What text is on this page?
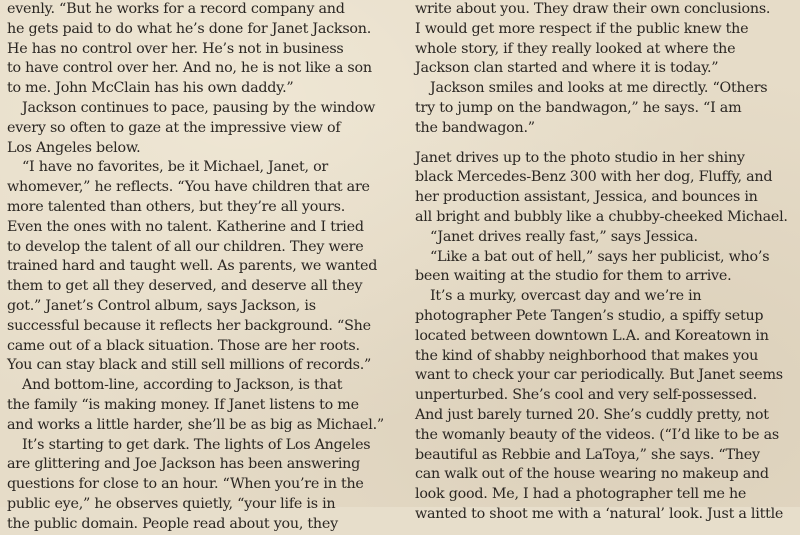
evenly. “But he works for a record company and
he gets paid to do what he’s done for Janet Jackson.
He has no control over her. He’s not in business
to have control over her. And no, he is not like a son
to me. John McClain has his own daddy.”
Jackson continues to pace, pausing by the window
every so often to gaze at the impressive view of
Los Angeles below.
“I have no favorites, be it Michael, Janet, or
whomever,” he reflects. “You have children that are
more talented than others, but they’re all yours.
Even the ones with no talent. Katherine and I tried
to develop the talent of all our children. They were
trained hard and taught well. As parents, we wanted
them to get all they deserved, and deserve all they
got.” Janet’s Control album, says Jackson, is
successful because it reflects her background. “She
came out of a black situation. Those are her roots.
You can stay black and still sell millions of records.”
And bottom-line, according to Jackson, is that
the family “is making money. If Janet listens to me
and works a little harder, she’ll be as big as Michael.”
It’s starting to get dark. The lights of Los Angeles
are glittering and Joe Jackson has been answering
questions for close to an hour. “When you’re in the
public eye,” he observes quietly, “your life is in
the public domain. People read about you, they
write about you. They draw their own conclusions.
I would get more respect if the public knew the
whole story, if they really looked at where the
Jackson clan started and where it is today.”
Jackson smiles and looks at me directly. “Others
try to jump on the bandwagon,” he says. “I am
the bandwagon.”
Janet drives up to the photo studio in her shiny
black Mercedes-Benz 300 with her dog, Fluffy, and
her production assistant, Jessica, and bounces in
all bright and bubbly like a chubby-cheeked Michael.
“Janet drives really fast,” says Jessica.
“Like a bat out of hell,” says her publicist, who’s
been waiting at the studio for them to arrive.
It’s a murky, overcast day and we’re in
photographer Pete Tangen’s studio, a spiffy setup
located between downtown L.A. and Koreatown in
the kind of shabby neighborhood that makes you
want to check your car periodically. But Janet seems
unperturbed. She’s cool and very self-possessed.
And just barely turned 20. She’s cuddly pretty, not
the womanly beauty of the videos. (“I’d like to be as
beautiful as Rebbie and LaToya,” she says. “They
can walk out of the house wearing no makeup and
look good. Me, I had a photographer tell me he
wanted to shoot me with a ‘natural’ look. Just a little
